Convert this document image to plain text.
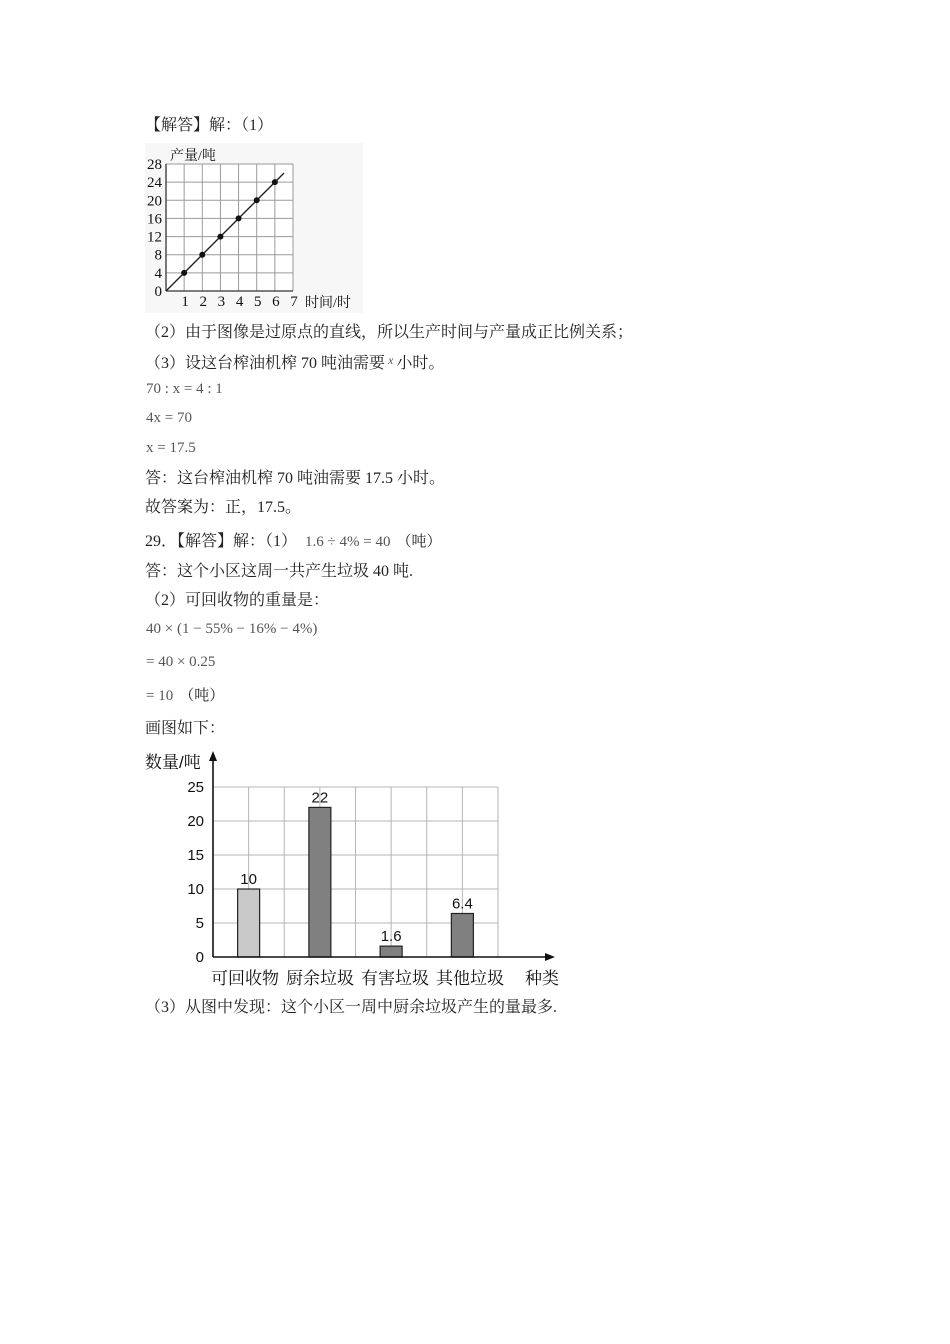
【解答】解：（1）
0
4
8
12
16
20
24
28
1 2 3 4 5 6 7
产量/吨
时间/时
（2）由于图像是过原点的直线，所以生产时间与产量成正比例关系；
（3）设这台榨油机榨 70 吨油需要 $^x$ 小时。
70 : x = 4 : 1
4x = 70
x = 17.5
答：这台榨油机榨 70 吨油需要 17.5 小时。
故答案为：正，17.5。
29．【解答】解：（1） 1.6 ÷ 4% = 40 （吨）
答：这个小区这周一共产生垃圾 40 吨.
（2）可回收物的重量是：
40 × (1 − 55% − 16% − 4%)
= 40 × 0.25
= 10 （吨）
画图如下：
0
5
10
15
20
25
10
22
1.6
6.4
可回收物 厨余垃圾 有害垃圾 其他垃圾
数量/吨
种类
（3）从图中发现：这个小区一周中厨余垃圾产生的量最多.
